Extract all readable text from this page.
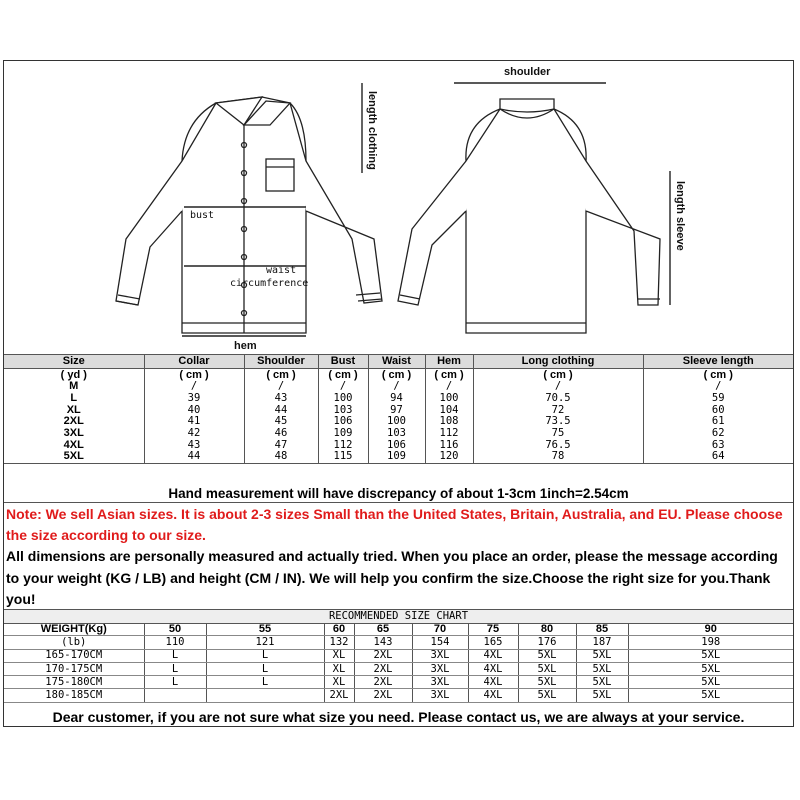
bust
waist
circumference
hem
length clothing
shoulder
length sleeve
Size	Collar	Shoulder	Bust	Waist	Hem	Long clothing	Sleeve length
( yd )	( cm )	( cm )	( cm )	( cm )	( cm )	( cm )	( cm )
M	/	/	/	/	/	/	/
L	39	43	100	94	100	70.5	59
XL	40	44	103	97	104	72	60
2XL	41	45	106	100	108	73.5	61
3XL	42	46	109	103	112	75	62
4XL	43	47	112	106	116	76.5	63
5XL	44	48	115	109	120	78	64
Hand measurement will have discrepancy of about 1-3cm 1inch=2.54cm
Note: We sell Asian sizes. It is about 2-3 sizes Small than the United States, Britain, Australia, and EU. Please choose the size according to our size.
All dimensions are personally measured and actually tried. When you place an order, please the message according to your weight (KG / LB) and height (CM / IN). We will help you confirm the size.Choose the right size for you.Thank you!
RECOMMENDED SIZE CHART
WEIGHT(Kg)	50	55	60	65	70	75	80	85	90
(lb)	110	121	132	143	154	165	176	187	198
165-170CM	L	L	XL	2XL	3XL	4XL	5XL	5XL	5XL
170-175CM	L	L	XL	2XL	3XL	4XL	5XL	5XL	5XL
175-180CM	L	L	XL	2XL	3XL	4XL	5XL	5XL	5XL
180-185CM			2XL	2XL	3XL	4XL	5XL	5XL	5XL
Dear customer, if you are not sure what size you need. Please contact us, we are always at your service.
